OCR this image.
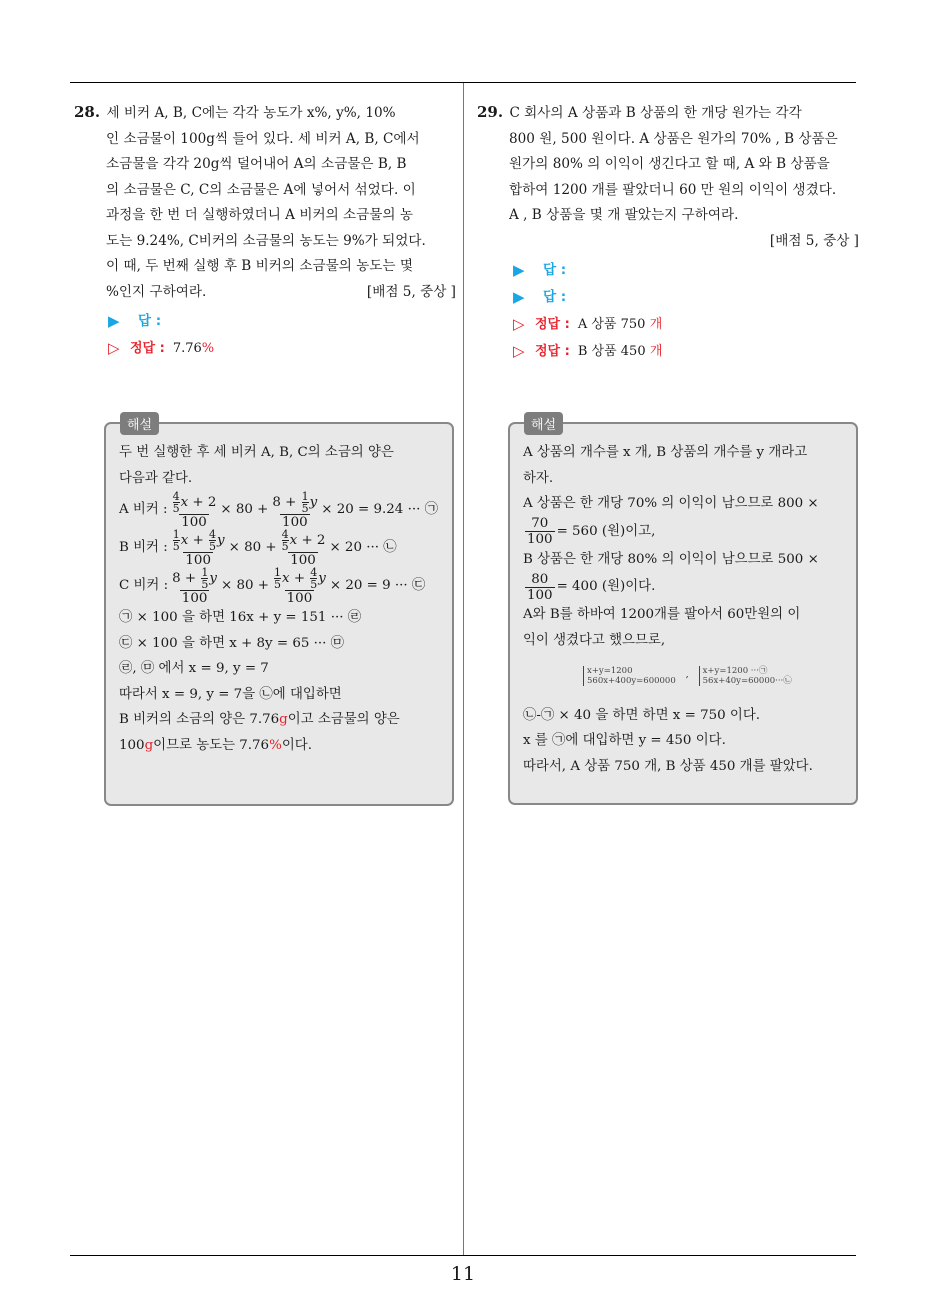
11
28. 세 비커 A, B, C에는 각각 농도가 x%, y%, 10%
인 소금물이 100g씩 들어 있다. 세 비커 A, B, C에서
소금물을 각각 20g씩 덜어내어 A의 소금물은 B, B
의 소금물은 C, C의 소금물은 A에 넣어서 섞었다. 이
과정을 한 번 더 실행하였더니 A 비커의 소금물의 농
도는 9.24%, C비커의 소금물의 농도는 9%가 되었다.
이 때, 두 번째 실행 후 B 비커의 소금물의 농도는 몇
%인지 구하여라.	[배점 5, 중상 ]
▶	답 :
▷ 정답 : 7.76 %
29. C 회사의 A 상품과 B 상품의 한 개당 원가는 각각
800 원, 500 원이다. A 상품은 원가의 70% , B 상품은
원가의 80% 의 이익이 생긴다고 할 때, A 와 B 상품을
합하여 1200 개를 팔았더니 60 만 원의 이익이 생겼다.
A , B 상품을 몇 개 팔았는지 구하여라.
[배점 5, 중상 ]
▶	답 :
▶	답 :
▷ 정답 : A 상품 750
개
▷ 정답 : B 상품 450
개
해설
두 번 실행한 후 세 비커 A, B, C의 소금의 양은
다음과 같다.
A 비커 : $\frac{\frac{4}{5} x + 2}{100} \times 80 + \frac{8 + \frac{1}{5} y}{100} \times 20 = 9.24$ ··· ㉠
B 비커 : $\frac{\frac{1}{5} x + \frac{4}{5} y}{100} \times 80 + \frac{\frac{4}{5} x + 2}{100} \times 20$ ··· ㉡
C 비커 : $\frac{8 + \frac{1}{5} y}{100} \times 80 + \frac{\frac{1}{5} x + \frac{4}{5} y}{100} \times 20 = 9$ ··· ㉢
㉠ × 100 을 하면 16x + y = 151 ··· ㉣
㉢ × 100 을 하면 x + 8y = 65 ··· ㉤
㉣, ㉤ 에서 x = 9, y = 7
따라서 x = 9, y = 7을 ㉡에 대입하면
B 비커의 소금의 양은 7.76g이고 소금물의 양은
100g이므로 농도는 7.76%이다.
해설
A 상품의 개수를 x 개, B 상품의 개수를 y 개라고
하자.
A 상품은 한 개당 70% 의 이익이 남으므로 800 ×
$\frac{70}{100} = 560$ (원)이고,
B 상품은 한 개당 80% 의 이익이 남으므로 500 ×
$\frac{80}{100} = 400$ (원)이다.
A와 B를 하바여 1200개를 팔아서 60만원의 이
익이 생겼다고 했으므로,
x+y=1200
560x+400y=600000
,	x+y=1200 ···㉠
56x+40y=60000···㉡
㉡-㉠ × 40 을 하면 하면 x = 750 이다.
x 를 ㉠에 대입하면 y = 450 이다.
따라서, A 상품 750 개, B 상품 450 개를 팔았다.
